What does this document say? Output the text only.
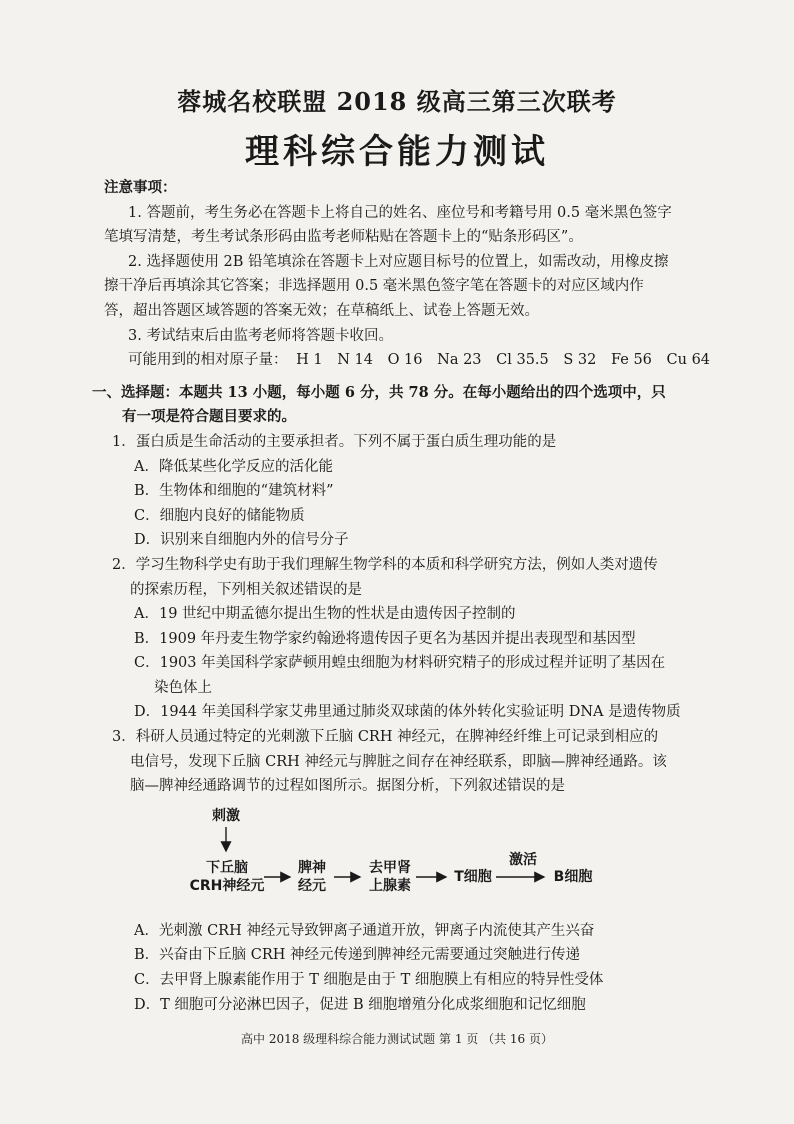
蓉城名校联盟 2018 级高三第三次联考
理科综合能力测试
注意事项：
1. 答题前，考生务必在答题卡上将自己的姓名、座位号和考籍号用 0.5 毫米黑色签字
笔填写清楚，考生考试条形码由监考老师粘贴在答题卡上的“贴条形码区”。
2. 选择题使用 2B 铅笔填涂在答题卡上对应题目标号的位置上，如需改动，用橡皮擦
擦干净后再填涂其它答案；非选择题用 0.5 毫米黑色签字笔在答题卡的对应区域内作
答，超出答题区域答题的答案无效；在草稿纸上、试卷上答题无效。
3. 考试结束后由监考老师将答题卡收回。
可能用到的相对原子量： H 1 N 14 O 16 Na 23 Cl 35.5 S 32 Fe 56 Cu 64
一、选择题：本题共 13 小题，每小题 6 分，共 78 分。在每小题给出的四个选项中，只
有一项是符合题目要求的。
1．蛋白质是生命活动的主要承担者。下列不属于蛋白质生理功能的是
A．降低某些化学反应的活化能
B．生物体和细胞的“建筑材料”
C．细胞内良好的储能物质
D．识别来自细胞内外的信号分子
2．学习生物科学史有助于我们理解生物学科的本质和科学研究方法，例如人类对遗传
的探索历程，下列相关叙述错误的是
A．19 世纪中期孟德尔提出生物的性状是由遗传因子控制的
B．1909 年丹麦生物学家约翰逊将遗传因子更名为基因并提出表现型和基因型
C．1903 年美国科学家萨顿用蝗虫细胞为材料研究精子的形成过程并证明了基因在
染色体上
D．1944 年美国科学家艾弗里通过肺炎双球菌的体外转化实验证明 DNA 是遗传物质
3．科研人员通过特定的光刺激下丘脑 CRH 神经元，在脾神经纤维上可记录到相应的
电信号，发现下丘脑 CRH 神经元与脾脏之间存在神经联系，即脑—脾神经通路。该
脑—脾神经通路调节的过程如图所示。据图分析，下列叙述错误的是
刺激
下丘脑
CRH神经元
脾神
经元
去甲肾
上腺素
T细胞
激活
B细胞
A．光刺激 CRH 神经元导致钾离子通道开放，钾离子内流使其产生兴奋
B．兴奋由下丘脑 CRH 神经元传递到脾神经元需要通过突触进行传递
C．去甲肾上腺素能作用于 T 细胞是由于 T 细胞膜上有相应的特异性受体
D．T 细胞可分泌淋巴因子，促进 B 细胞增殖分化成浆细胞和记忆细胞
高中 2018 级理科综合能力测试试题 第 1 页 （共 16 页）
